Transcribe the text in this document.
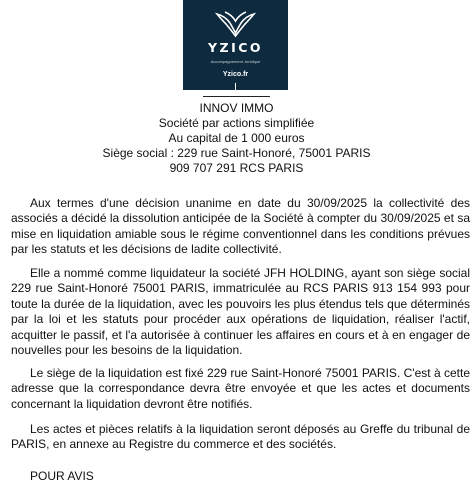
YZICO
Accompagnement Juridique
Yzico.fr
INNOV IMMO
Société par actions simplifiée
Au capital de 1 000 euros
Siège social : 229 rue Saint-Honoré, 75001 PARIS
909 707 291 RCS PARIS

Aux termes d'une décision unanime en date du 30/09/2025 la collectivité des associés a décidé la dissolution anticipée de la Société à compter du 30/09/2025 et sa mise en liquidation amiable sous le régime conventionnel dans les conditions prévues par les statuts et les décisions de ladite collectivité.

Elle a nommé comme liquidateur la société JFH HOLDING, ayant son siège social 229 rue Saint-Honoré 75001 PARIS, immatriculée au RCS PARIS 913 154 993 pour toute la durée de la liquidation, avec les pouvoirs les plus étendus tels que déterminés par la loi et les statuts pour procéder aux opérations de liquidation, réaliser l'actif, acquitter le passif, et l'a autorisée à continuer les affaires en cours et à en engager de nouvelles pour les besoins de la liquidation.

Le siège de la liquidation est fixé 229 rue Saint-Honoré 75001 PARIS. C'est à cette adresse que la correspondance devra être envoyée et que les actes et documents concernant la liquidation devront être notifiés.

Les actes et pièces relatifs à la liquidation seront déposés au Greffe du tribunal de PARIS, en annexe au Registre du commerce et des sociétés.

POUR AVIS
